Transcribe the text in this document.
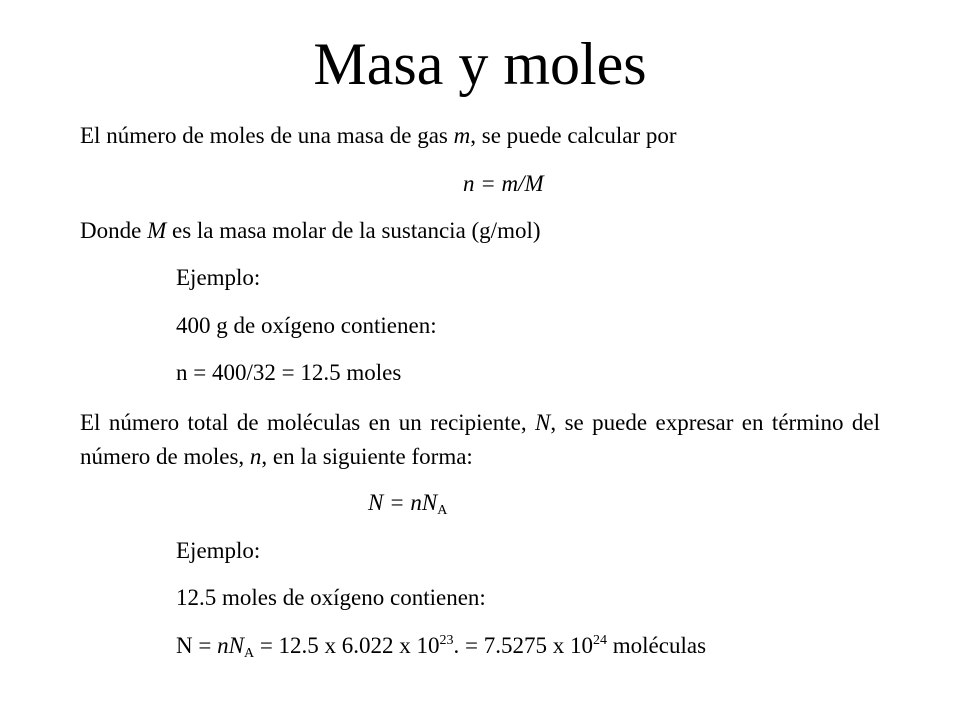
Masa y moles
El número de moles de una masa de gas m, se puede calcular por
n = m/M
Donde M es la masa molar de la sustancia (g/mol)
Ejemplo:
400 g de oxígeno contienen:
n = 400/32 = 12.5 moles
El número total de moléculas en un recipiente, N, se puede expresar en término del número de moles, n, en la siguiente forma:
$N = nN_A$
Ejemplo:
12.5 moles de oxígeno contienen:
$N = nN_A = 12.5$ x 6.022 x $10^{23}$. = 7.5275 x $10^{24}$ moléculas
